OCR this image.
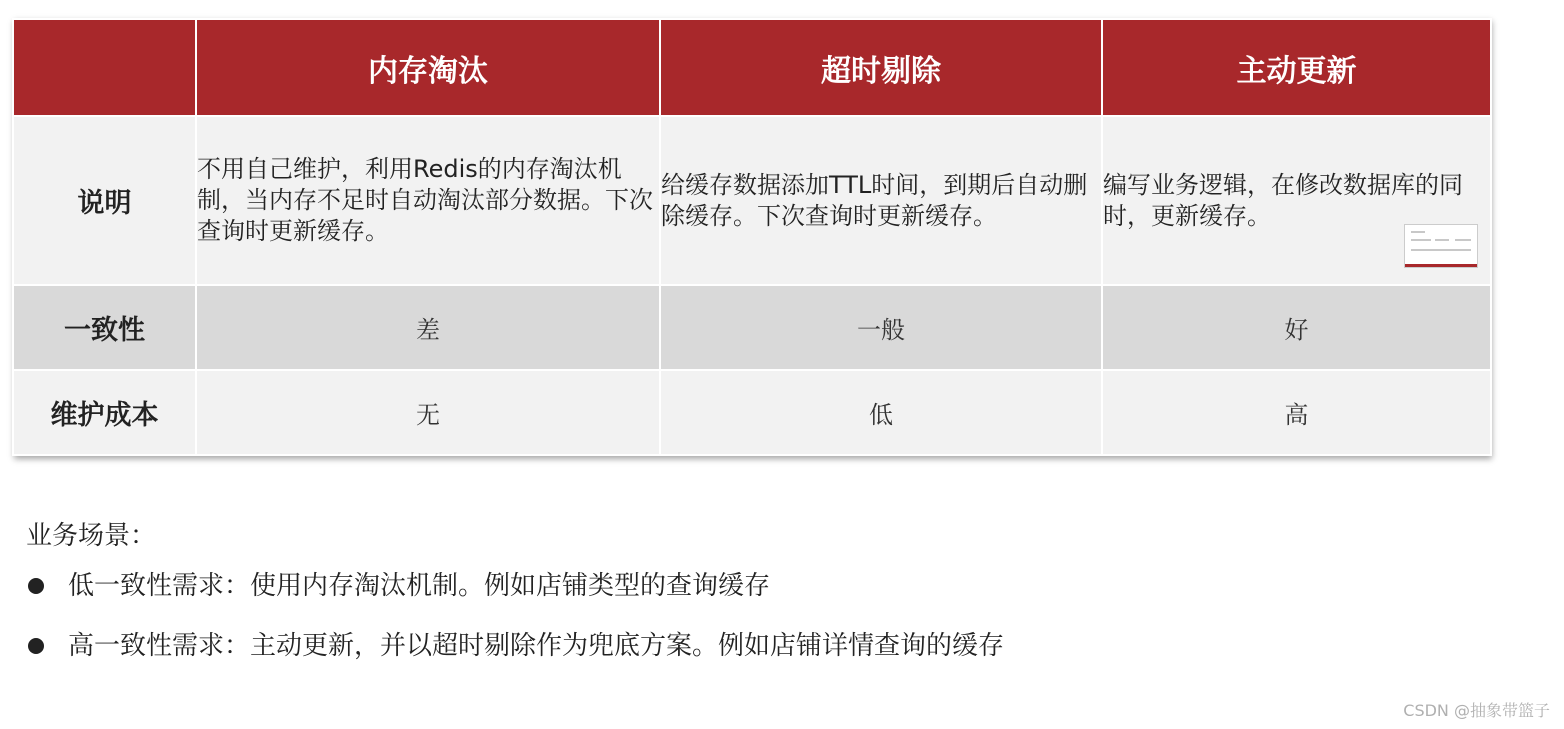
	内存淘汰	超时剔除	主动更新
说明	不用自己维护，利用Redis的内存淘汰机制，当内存不足时自动淘汰部分数据。下次查询时更新缓存。	给缓存数据添加TTL时间，到期后自动删除缓存。下次查询时更新缓存。	编写业务逻辑，在修改数据库的同时，更新缓存。

一致性	差	一般	好
维护成本	无	低	高
业务场景：
低一致性需求：使用内存淘汰机制。例如店铺类型的查询缓存
高一致性需求：主动更新，并以超时剔除作为兜底方案。例如店铺详情查询的缓存
CSDN @抽象带篮子
